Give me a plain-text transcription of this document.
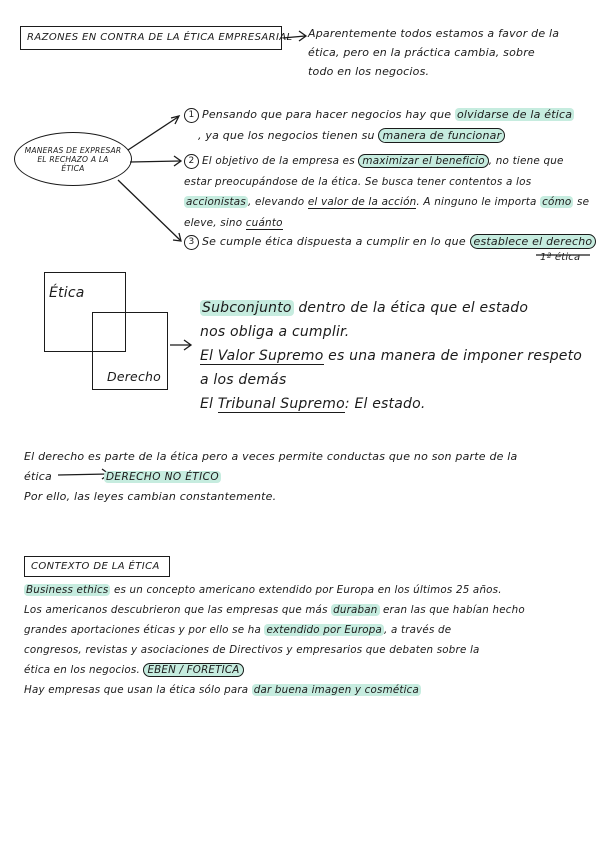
RAZONES EN CONTRA DE LA ÉTICA EMPRESARIAL Aparentemente todos estamos a favor de la
ética, pero en la práctica cambia, sobre
todo en los negocios.
MANERAS DE EXPRESAR
EL RECHAZO A LA
ÉTICA
1 Pensando que para hacer negocios hay que olvidarse de la ética
, ya que los negocios tienen su manera de funcionar
2 El objetivo de la empresa es maximizar el beneficio , no tiene que
estar preocupándose de la ética. Se busca tener contentos a los
accionistas , elevando el valor de la acción. A ninguno le importa cómo se
eleve, sino cuánto
3 Se cumple ética dispuesta a cumplir en lo que establece el derecho
1ª ética
Ética
Derecho
Subconjunto dentro de la ética que el estado
nos obliga a cumplir.
El Valor Supremo es una manera de imponer respeto
a los demás
El Tribunal Supremo: El estado.
El derecho es parte de la ética pero a veces permite conductas que no son parte de la
ética	DERECHO NO ÉTICO
Por ello, las leyes cambian constantemente.
CONTEXTO DE LA ÉTICA
Business ethics es un concepto americano extendido por Europa en los últimos 25 años.
Los americanos descubrieron que las empresas que más duraban eran las que habían hecho
grandes aportaciones éticas y por ello se ha extendido por Europa , a través de
congresos, revistas y asociaciones de Directivos y empresarios que debaten sobre la
ética en los negocios. EBEN / FORETICA
Hay empresas que usan la ética sólo para dar buena imagen y cosmética
